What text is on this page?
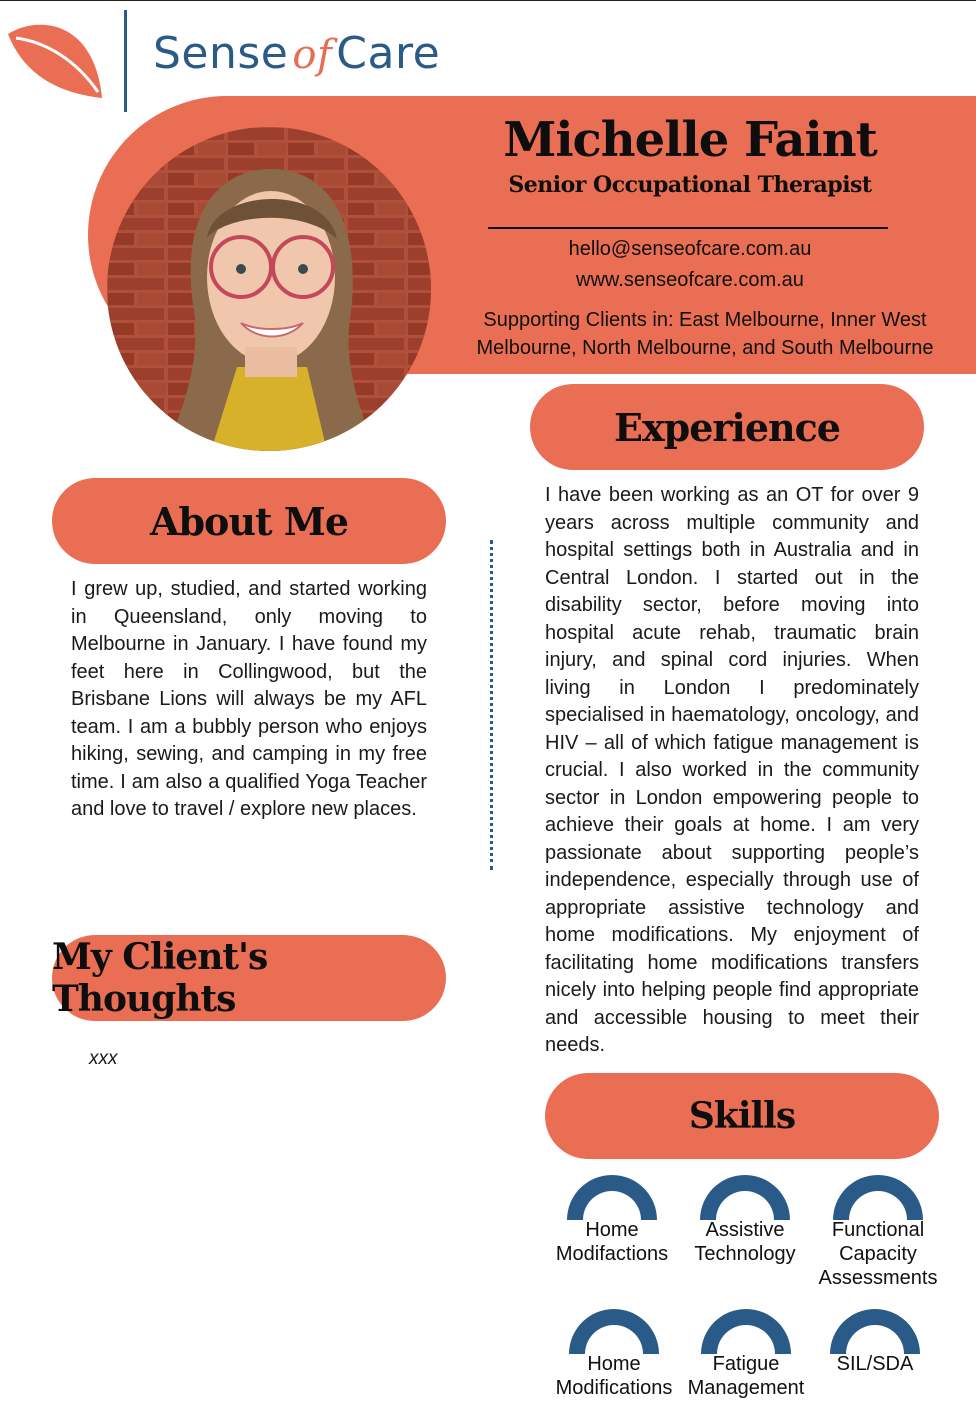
Sense ofCare
Michelle Faint
Senior Occupational Therapist
hello@senseofcare.com.au
www.senseofcare.com.au
Supporting Clients in: East Melbourne, Inner West
Melbourne, North Melbourne, and South Melbourne
Experience
I have been working as an OT for over 9 years across multiple community and hospital settings both in Australia and in Central London. I started out in the disability sector, before moving into hospital acute rehab, traumatic brain injury, and spinal cord injuries. When living in London I predominately specialised in haematology, oncology, and HIV – all of which fatigue management is crucial. I also worked in the community sector in London empowering people to achieve their goals at home. I am very passionate about supporting people’s independence, especially through use of appropriate assistive technology and home modifications. My enjoyment of facilitating home modifications transfers nicely into helping people find appropriate and accessible housing to meet their needs.
About Me
I grew up, studied, and started working in Queensland, only moving to Melbourne in January. I have found my feet here in Collingwood, but the Brisbane Lions will always be my AFL team. I am a bubbly person who enjoys hiking, sewing, and camping in my free time. I am also a qualified Yoga Teacher and love to travel / explore new places.
My Client's Thoughts
xxx
Skills
Home
Modifactions
Assistive
Technology
Functional
Capacity
Assessments
Home
Modifications
Fatigue
Management
SIL/SDA
